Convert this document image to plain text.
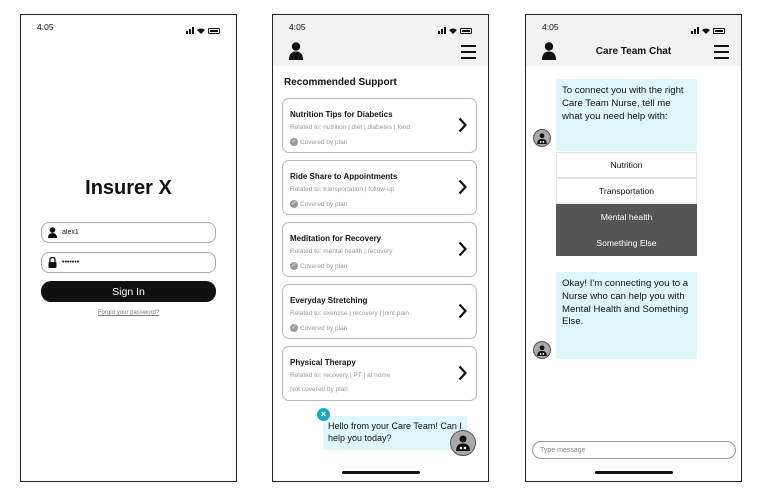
4:05
Insurer X
alex1
•••••••
Sign In
Forgot your password?
4:05
Recommended Support
Nutrition Tips for Diabetics
Related to: nutrition | diet | diabetes | food
✓ Covered by plan
Ride Share to Appointments
Related to: transportation | follow-up
✓ Covered by plan
Meditation for Recovery
Related to: mental health | recovery
✓ Covered by plan
Everyday Stretching
Related to: exercise | recovery | joint pain
✓ Covered by plan
Physical Therapy
Related to: recovery | PT | at home
Not covered by plan
Hello from your Care Team! Can I help you today?
×
4:05
Care Team Chat
To connect you with the right Care Team Nurse, tell me what you need help with:
Nutrition
Transportation
Mental health
Something Else
Okay! I'm connecting you to a Nurse who can help you with Mental Health and Something Else.
Type message
